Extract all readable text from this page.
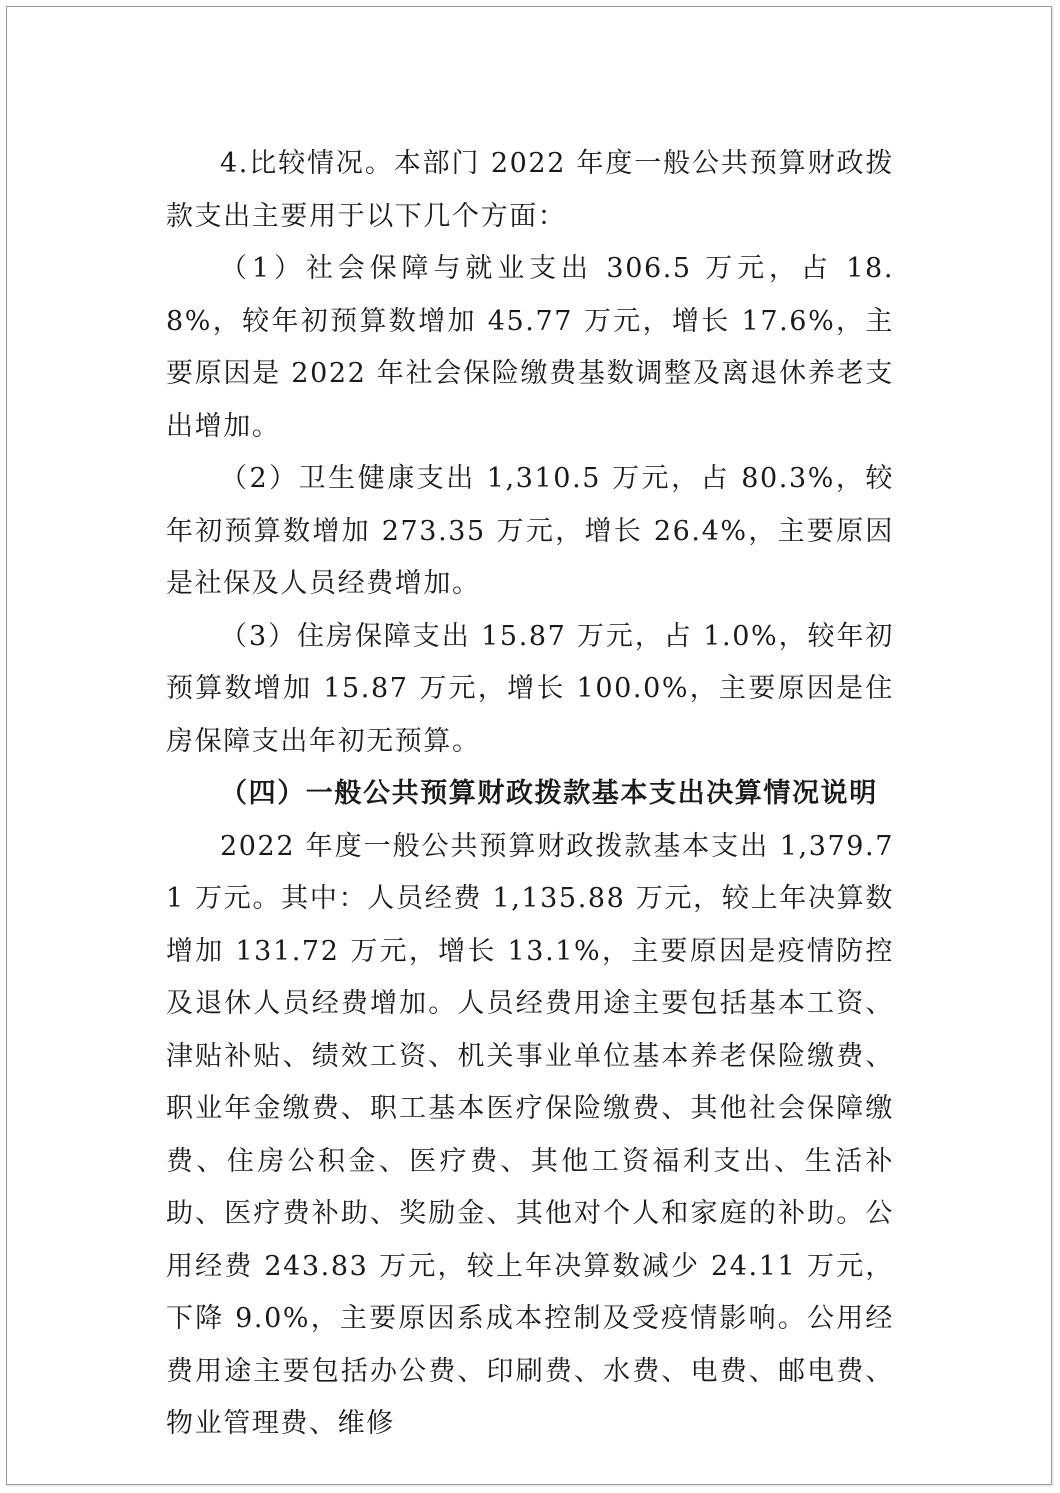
4.比较情况。本部门 2022 年度一般公共预算财政拨款支出主要用于以下几个方面：

（1）社会保障与就业支出 306.5 万元，占 18.8%，较年初预算数增加 45.77 万元，增长 17.6%，主要原因是 2022 年社会保险缴费基数调整及离退休养老支出增加。

（2）卫生健康支出 1,310.5 万元，占 80.3%，较年初预算数增加 273.35 万元，增长 26.4%，主要原因是社保及人员经费增加。

（3）住房保障支出 15.87 万元，占 1.0%，较年初预算数增加 15.87 万元，增长 100.0%，主要原因是住房保障支出年初无预算。

（四）一般公共预算财政拨款基本支出决算情况说明

2022 年度一般公共预算财政拨款基本支出 1,379.71 万元。其中：人员经费 1,135.88 万元，较上年决算数增加 131.72 万元，增长 13.1%，主要原因是疫情防控及退休人员经费增加。人员经费用途主要包括基本工资、津贴补贴、绩效工资、机关事业单位基本养老保险缴费、职业年金缴费、职工基本医疗保险缴费、其他社会保障缴费、住房公积金、医疗费、其他工资福利支出、生活补助、医疗费补助、奖励金、其他对个人和家庭的补助。公用经费 243.83 万元，较上年决算数减少 24.11 万元，下降 9.0%，主要原因系成本控制及受疫情影响。公用经费用途主要包括办公费、印刷费、水费、电费、邮电费、物业管理费、维修
